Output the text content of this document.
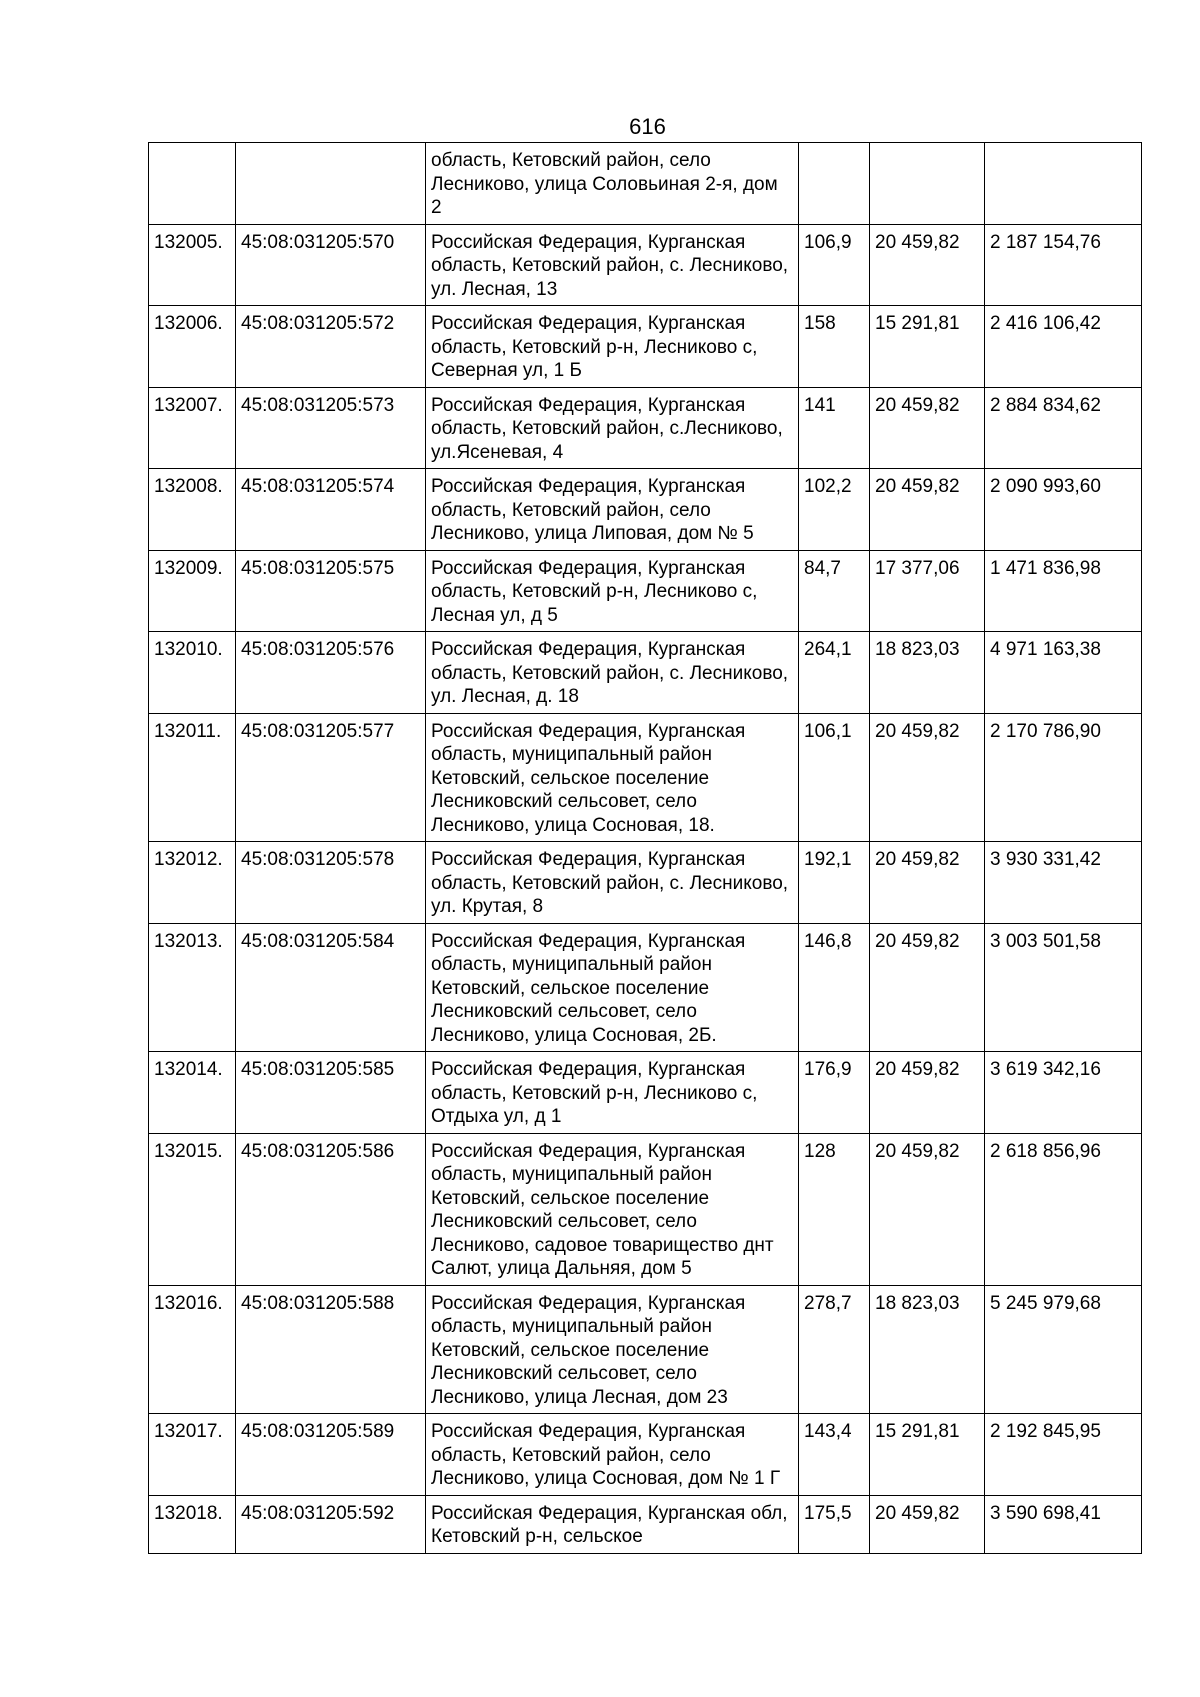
616
		область, Кетовский район, село Лесниково, улица Соловьиная 2-я, дом 2			
132005.	45:08:031205:570	Российская Федерация, Курганская область, Кетовский район, с. Лесниково, ул. Лесная, 13	106,9	20 459,82	2 187 154,76
132006.	45:08:031205:572	Российская Федерация, Курганская область, Кетовский р-н, Лесниково с, Северная ул, 1 Б	158	15 291,81	2 416 106,42
132007.	45:08:031205:573	Российская Федерация, Курганская область, Кетовский район, с.Лесниково, ул.Ясеневая, 4	141	20 459,82	2 884 834,62
132008.	45:08:031205:574	Российская Федерация, Курганская область, Кетовский район, село Лесниково, улица Липовая, дом № 5	102,2	20 459,82	2 090 993,60
132009.	45:08:031205:575	Российская Федерация, Курганская область, Кетовский р-н, Лесниково с, Лесная ул, д 5	84,7	17 377,06	1 471 836,98
132010.	45:08:031205:576	Российская Федерация, Курганская область, Кетовский район, с. Лесниково, ул. Лесная, д. 18	264,1	18 823,03	4 971 163,38
132011.	45:08:031205:577	Российская Федерация, Курганская область, муниципальный район Кетовский, сельское поселение Лесниковский сельсовет, село Лесниково, улица Сосновая, 18.	106,1	20 459,82	2 170 786,90
132012.	45:08:031205:578	Российская Федерация, Курганская область, Кетовский район, с. Лесниково, ул. Крутая, 8	192,1	20 459,82	3 930 331,42
132013.	45:08:031205:584	Российская Федерация, Курганская область, муниципальный район Кетовский, сельское поселение Лесниковский сельсовет, село Лесниково, улица Сосновая, 2Б.	146,8	20 459,82	3 003 501,58
132014.	45:08:031205:585	Российская Федерация, Курганская область, Кетовский р-н, Лесниково с, Отдыха ул, д 1	176,9	20 459,82	3 619 342,16
132015.	45:08:031205:586	Российская Федерация, Курганская область, муниципальный район Кетовский, сельское поселение Лесниковский сельсовет, село Лесниково, садовое товарищество днт Салют, улица Дальняя, дом 5	128	20 459,82	2 618 856,96
132016.	45:08:031205:588	Российская Федерация, Курганская область, муниципальный район Кетовский, сельское поселение Лесниковский сельсовет, село Лесниково, улица Лесная, дом 23	278,7	18 823,03	5 245 979,68
132017.	45:08:031205:589	Российская Федерация, Курганская область, Кетовский район, село Лесниково, улица Сосновая, дом № 1 Г	143,4	15 291,81	2 192 845,95
132018.	45:08:031205:592	Российская Федерация, Курганская обл, Кетовский р-н, сельское	175,5	20 459,82	3 590 698,41
